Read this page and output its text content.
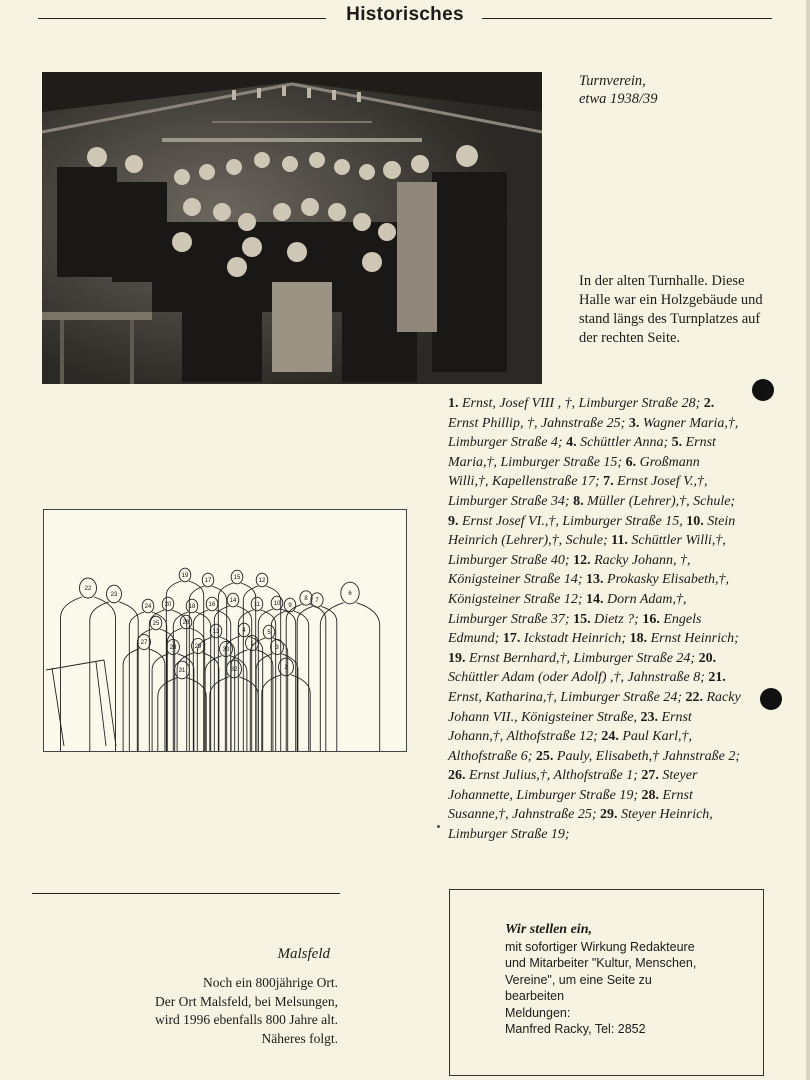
Historisches
Turnverein,
etwa 1938/39
In der alten Turnhalle. Diese Halle war ein Holzgebäude und stand längs des Turnplatzes auf der rechten Seite.
1. Ernst, Josef VIII , †, Limburger Straße 28; 2. Ernst Phillip, †, Jahnstraße 25; 3. Wagner Maria,†, Limburger Straße 4; 4. Schüttler Anna; 5. Ernst Maria,†, Limburger Straße 15; 6. Großmann Willi,†, Kapellenstraße 17; 7. Ernst Josef V.,†, Limburger Straße 34; 8. Müller (Lehrer),†, Schule; 9. Ernst Josef VI.,†, Limburger Straße 15, 10. Stein Heinrich (Lehrer),†, Schule; 11. Schüttler Willi,†, Limburger Straße 40; 12. Racky Johann, †, Königsteiner Straße 14; 13. Prokasky Elisabeth,†, Königsteiner Straße 12; 14. Dorn Adam,†, Limburger Straße 37; 15. Dietz ?; 16. Engels Edmund; 17. Ickstadt Heinrich; 18. Ernst Heinrich; 19. Ernst Bernhard,†, Limburger Straße 24; 20. Schüttler Adam (oder Adolf) ,†, Jahnstraße 8; 21. Ernst, Katharina,†, Limburger Straße 24; 22. Racky Johann VII., Königsteiner Straße, 23. Ernst Johann,†, Althofstraße 12; 24. Paul Karl,†, Althofstraße 6; 25. Pauly, Elisabeth,† Jahnstraße 2; 26. Ernst Julius,†, Althofstraße 1; 27. Steyer Johannette, Limburger Straße 19; 28. Ernst Susanne,†, Jahnstraße 25; 29. Steyer Heinrich, Limburger Straße 19;
1
2
3
4	5
6
7
8
9
10
11
12
13
14
15
16
17
18
19
20
22
23
24
25	26
27
28	29	30
31	32
Malsfeld
Noch ein 800jährige Ort.
Der Ort Malsfeld, bei Melsungen,
wird 1996 ebenfalls 800 Jahre alt.
Näheres folgt.
Wir stellen ein,
mit sofortiger Wirkung Redakteure
und Mitarbeiter "Kultur, Menschen,
Vereine", um eine Seite zu
bearbeiten
Meldungen:
Manfred Racky, Tel: 2852
